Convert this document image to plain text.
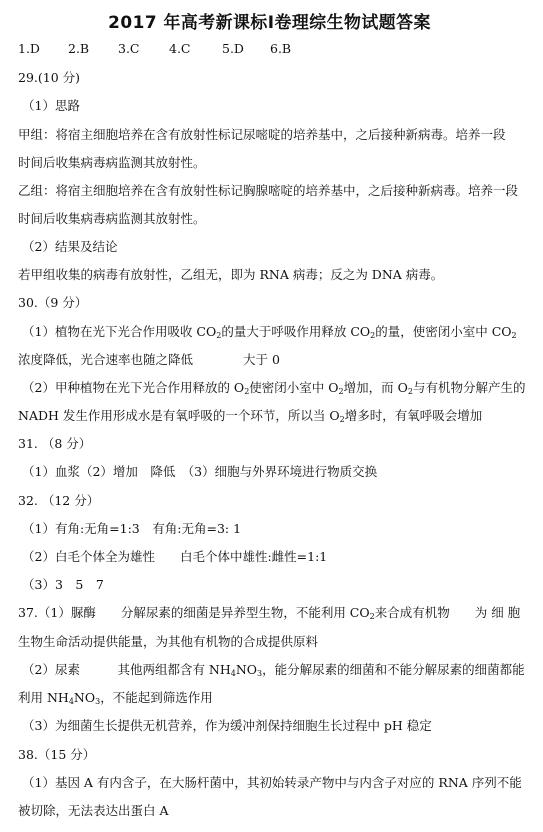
2017 年高考新课标Ⅰ卷理综生物试题答案
1.D 2.B 3.C 4.C	5.D 6.B
29.(10 分)
（1）思路
甲组：将宿主细胞培养在含有放射性标记尿嘧啶的培养基中，之后接种新病毒。培养一段
时间后收集病毒病监测其放射性。
乙组：将宿主细胞培养在含有放射性标记胸腺嘧啶的培养基中，之后接种新病毒。培养一段
时间后收集病毒病监测其放射性。
（2）结果及结论
若甲组收集的病毒有放射性，乙组无，即为 RNA 病毒；反之为 DNA 病毒。
30.（9 分）
（1）植物在光下光合作用吸收 $CO_2$的量大于呼吸作用释放 $CO_2$的量，使密闭小室中 $CO_2$
浓度降低，光合速率也随之降低	大于 0
（2）甲种植物在光下光合作用释放的 $O_2$使密闭小室中 $O_2$增加，而 $O_2$与有机物分解产生的
NADH 发生作用形成水是有氧呼吸的一个环节，所以当 $O_2$增多时，有氧呼吸会增加
31. （8 分）
（1）血浆（2）增加　降低　（3）细胞与外界环境进行物质交换
32. （12 分）
（1）有角:无角=1:3　有角:无角=3: 1
（2）白毛个体全为雄性　　白毛个体中雄性:雌性=1:1
（3）3　5　7
37.（1）脲酶　　分解尿素的细菌是异养型生物，不能利用 $CO_2$来合成有机物　　为 细 胞
生物生命活动提供能量，为其他有机物的合成提供原料
（2）尿素　　　其他两组都含有 $NH_4NO_3$，能分解尿素的细菌和不能分解尿素的细菌都能
利用 $NH_4NO_3$，不能起到筛选作用
（3）为细菌生长提供无机营养，作为缓冲剂保持细胞生长过程中 pH 稳定
38.（15 分）
（1）基因 A 有内含子，在大肠杆菌中，其初始转录产物中与内含子对应的 RNA 序列不能
被切除，无法表达出蛋白 A
